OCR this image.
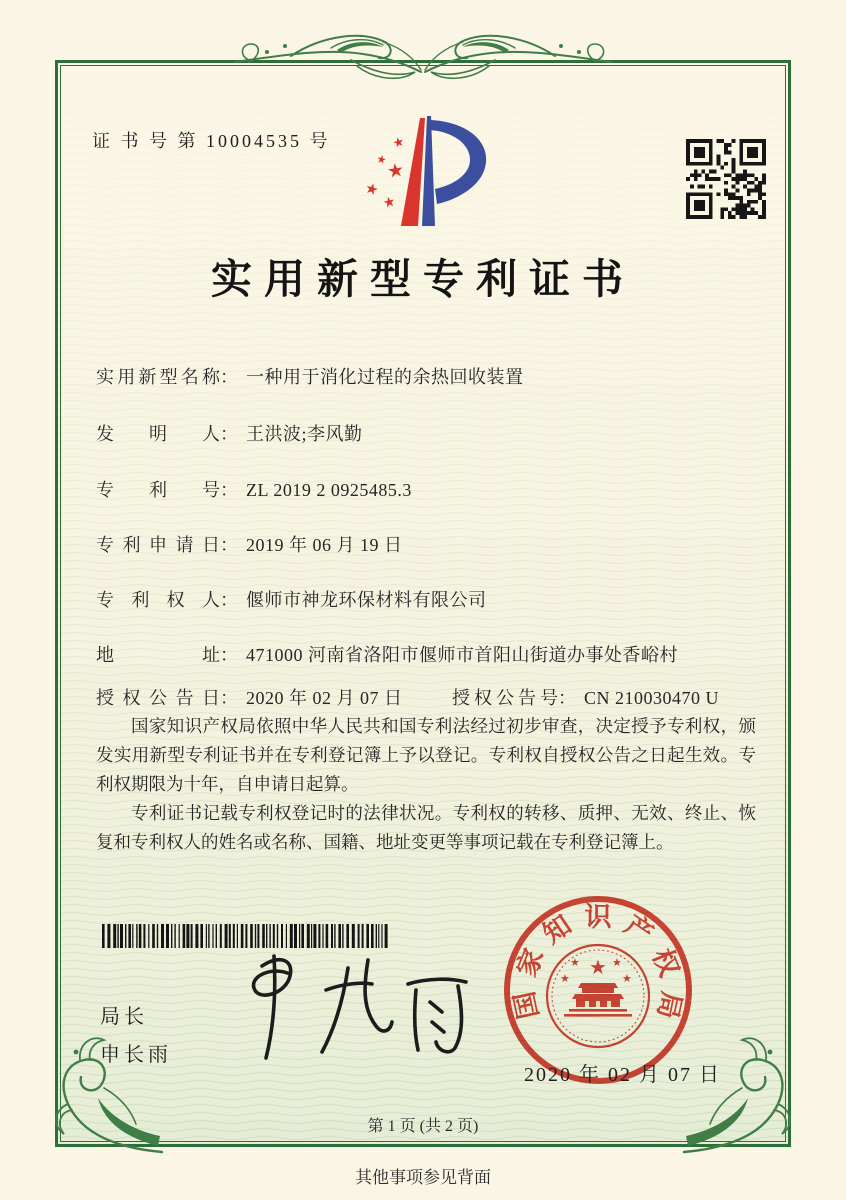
证 书 号 第 10004535 号	★
★
★
★
★
实用新型专利证书
实用新型名称： 一种用于消化过程的余热回收装置
发明人： 王洪波;李风勤
专利号： ZL 2019 2 0925485.3
专利申请日： 2019 年 06 月 19 日
专利权人： 偃师市神龙环保材料有限公司
地址： 471000 河南省洛阳市偃师市首阳山街道办事处香峪村
授权公告日： 2020 年 02 月 07 日	授权公告号： CN 210030470 U

国家知识产权局依照中华人民共和国专利法经过初步审查，决定授予专利权，颁发实用新型专利证书并在专利登记簿上予以登记。专利权自授权公告之日起生效。专利权期限为十年，自申请日起算。

专利证书记载专利权登记时的法律状况。专利权的转移、质押、无效、终止、恢复和专利权人的姓名或名称、国籍、地址变更等事项记载在专利登记簿上。

局长
申长雨
国
家
知 识 产
权
局
★
★	★
★	★
2020 年 02 月 07 日
第 1 页 (共 2 页)
其他事项参见背面
